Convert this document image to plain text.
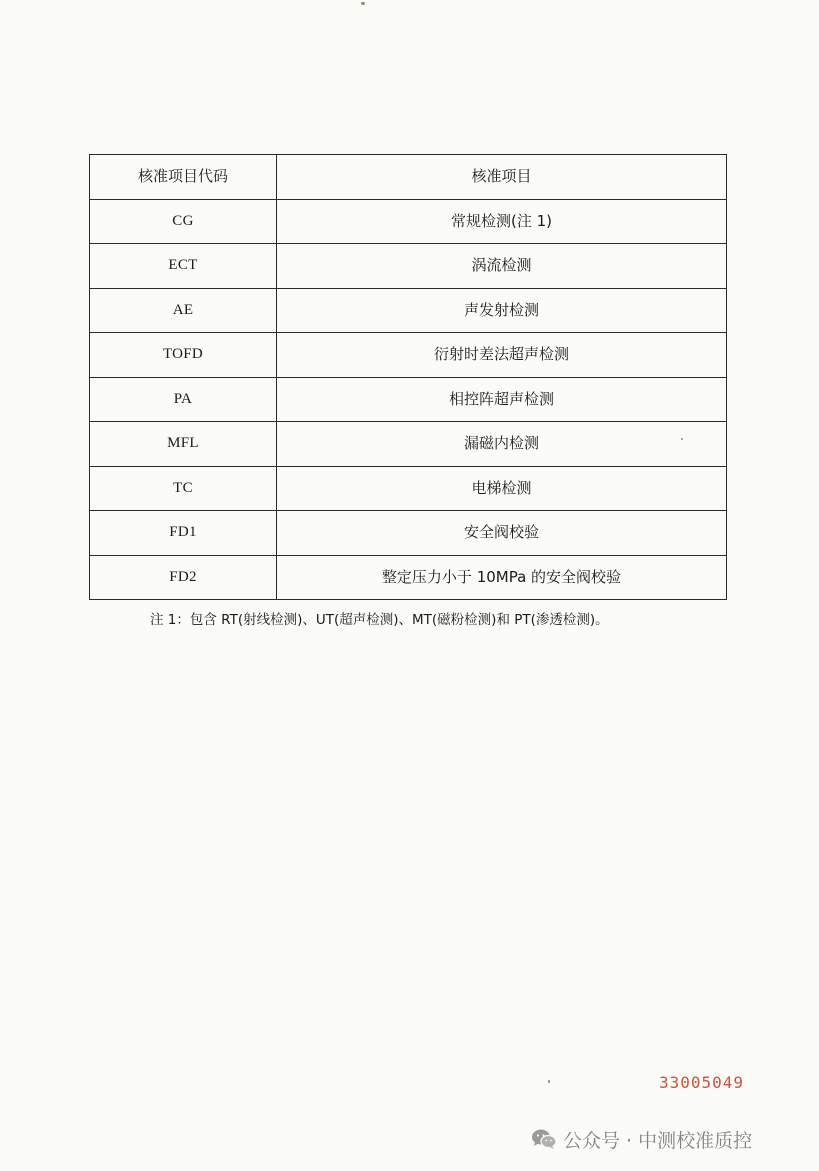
核准项目代码	核准项目
CG	常规检测(注 1)
ECT	涡流检测
AE	声发射检测
TOFD	衍射时差法超声检测
PA	相控阵超声检测
MFL	漏磁内检测
TC	电梯检测
FD1	安全阀校验
FD2	整定压力小于 10MPa 的安全阀校验
注 1：包含 RT(射线检测)、UT(超声检测)、MT(磁粉检测)和 PT(渗透检测)。
33005049
公众号 · 中测校准质控
